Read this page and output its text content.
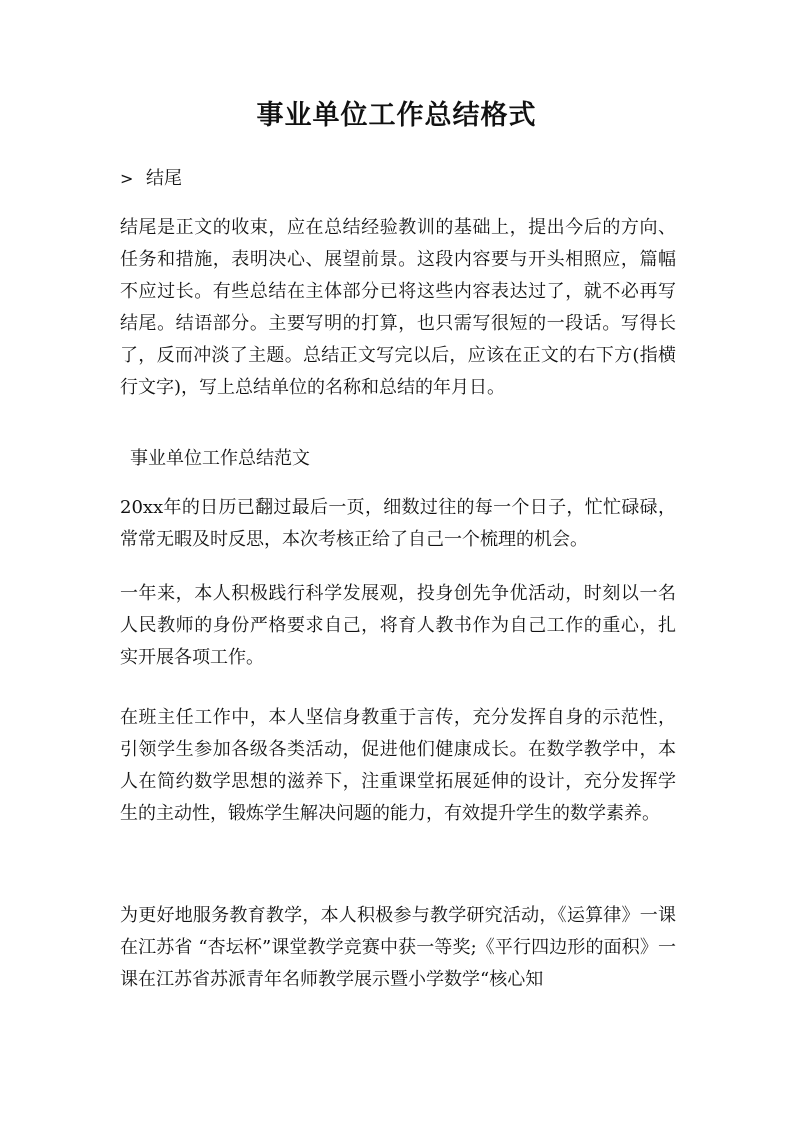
事业单位工作总结格式
> 结尾

结尾是正文的收束，应在总结经验教训的基础上，提出今后的方向、任务和措施，表明决心、展望前景。这段内容要与开头相照应，篇幅不应过长。有些总结在主体部分已将这些内容表达过了，就不必再写结尾。结语部分。主要写明的打算，也只需写很短的一段话。写得长了，反而冲淡了主题。总结正文写完以后，应该在正文的右下方(指横行文字)，写上总结单位的名称和总结的年月日。

事业单位工作总结范文

20xx年的日历已翻过最后一页，细数过往的每一个日子，忙忙碌碌，常常无暇及时反思，本次考核正给了自己一个梳理的机会。

一年来，本人积极践行科学发展观，投身创先争优活动，时刻以一名人民教师的身份严格要求自己，将育人教书作为自己工作的重心，扎实开展各项工作。

在班主任工作中，本人坚信身教重于言传，充分发挥自身的示范性，引领学生参加各级各类活动，促进他们健康成长。在数学教学中，本人在简约数学思想的滋养下，注重课堂拓展延伸的设计，充分发挥学生的主动性，锻炼学生解决问题的能力，有效提升学生的数学素养。

为更好地服务教育教学，本人积极参与教学研究活动，《运算律》一课在江苏省 “杏坛杯”课堂教学竞赛中获一等奖;《平行四边形的面积》一课在江苏省苏派青年名师教学展示暨小学数学“核心知
